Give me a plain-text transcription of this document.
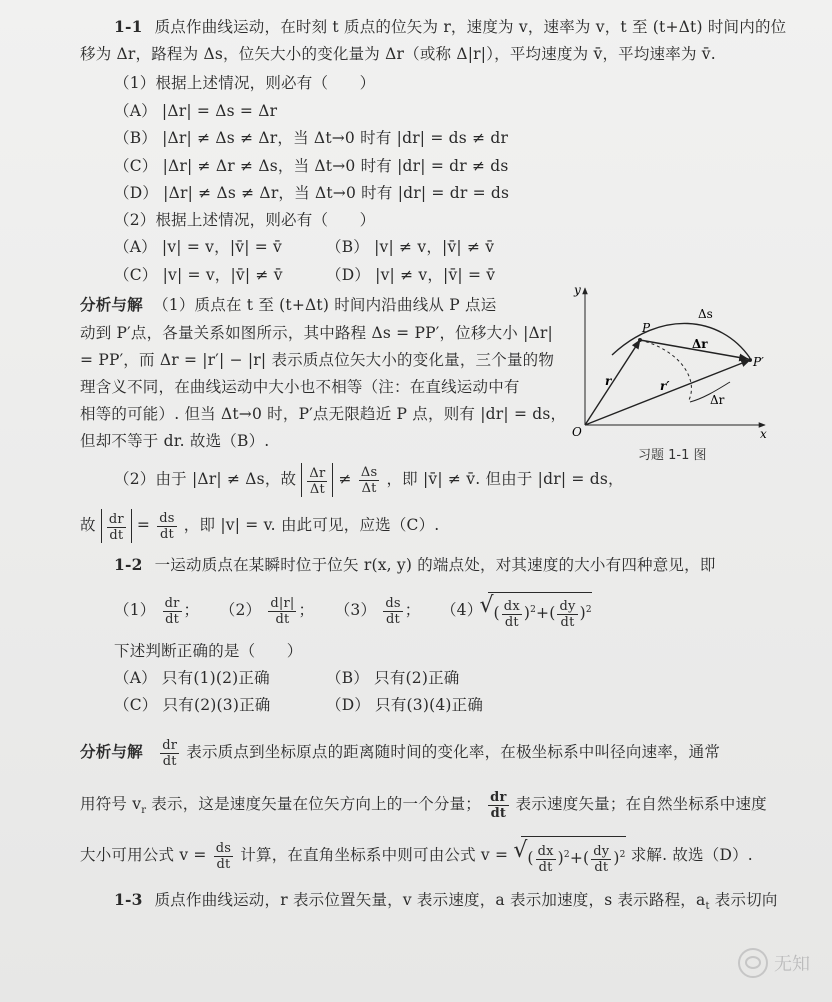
1-1 质点作曲线运动，在时刻 t 质点的位矢为 r，速度为 v，速率为 v，t 至 (t+Δt) 时间内的位
移为 Δr，路程为 Δs，位矢大小的变化量为 Δr（或称 Δ|r|），平均速度为 v̄，平均速率为 v̄.
（1）根据上述情况，则必有（　　）
（A） |Δr| = Δs = Δr
（B） |Δr| ≠ Δs ≠ Δr，当 Δt→0 时有 |dr| = ds ≠ dr
（C） |Δr| ≠ Δr ≠ Δs，当 Δt→0 时有 |dr| = dr ≠ ds
（D） |Δr| ≠ Δs ≠ Δr，当 Δt→0 时有 |dr| = dr = ds
（2）根据上述情况，则必有（　　）
（A） |v| = v，|v̄| = v̄	（B） |v| ≠ v，|v̄| ≠ v̄
（C） |v| = v，|v̄| ≠ v̄	（D） |v| ≠ v，|v̄| = v̄
分析与解 （1）质点在 t 至 (t+Δt) 时间内沿曲线从 P 点运
动到 P′点，各量关系如图所示，其中路程 Δs = PP′，位移大小 |Δr|
= PP′，而 Δr = |r′| − |r| 表示质点位矢大小的变化量，三个量的物
理含义不同，在曲线运动中大小也不相等（注：在直线运动中有
相等的可能）. 但当 Δt→0 时，P′点无限趋近 P 点，则有 |dr| = ds，
但却不等于 dr. 故选（B）.
y
x
O
P
P′
Δs
Δr
r	r′
Δr
习题 1-1 图
（2）由于 |Δr| ≠ Δs，故 $\frac{\Delta r}{\Delta t} \ne \frac{\Delta s}{\Delta t}$ ，即 |v̄| ≠ v̄. 但由于 |dr| = ds，
故 $\frac{dr}{dt} = \frac{ds}{dt}$ ，即 |v| = v. 由此可见，应选（C）.
1-2 一运动质点在某瞬时位于位矢 r(x, y) 的端点处，对其速度的大小有四种意见，即
$(1) \frac{dr}{dt}$ ； $(2) \frac{d|r|}{dt}$ ； $(3) \frac{ds}{dt}$ ； （4）
√ ( $\frac{dx}{dt} )^2+( \frac{dy}{dt} )^2$
下述判断正确的是（　　）
（A） 只有(1)(2)正确	（B） 只有(2)正确
（C） 只有(2)(3)正确	（D） 只有(3)(4)正确
分析与解 $\frac{dr}{dt}$ 表示质点到坐标原点的距离随时间的变化率，在极坐标系中叫径向速率，通常
用符号 $v_r$ 表示，这是速度矢量在位矢方向上的一个分量； $\frac{dr}{dt}$ 表示速度矢量；在自然坐标系中速度
大小可用公式 $v = \frac{ds}{dt}$ 计算，在直角坐标系中则可由公式 v = √ ( $\frac{dx}{dt} )^2+( \frac{dy}{dt} )^2$ 求解. 故选（D）.
1-3 质点作曲线运动，r 表示位置矢量，v 表示速度，a 表示加速度，s 表示路程，$a_t$ 表示切向
无知
